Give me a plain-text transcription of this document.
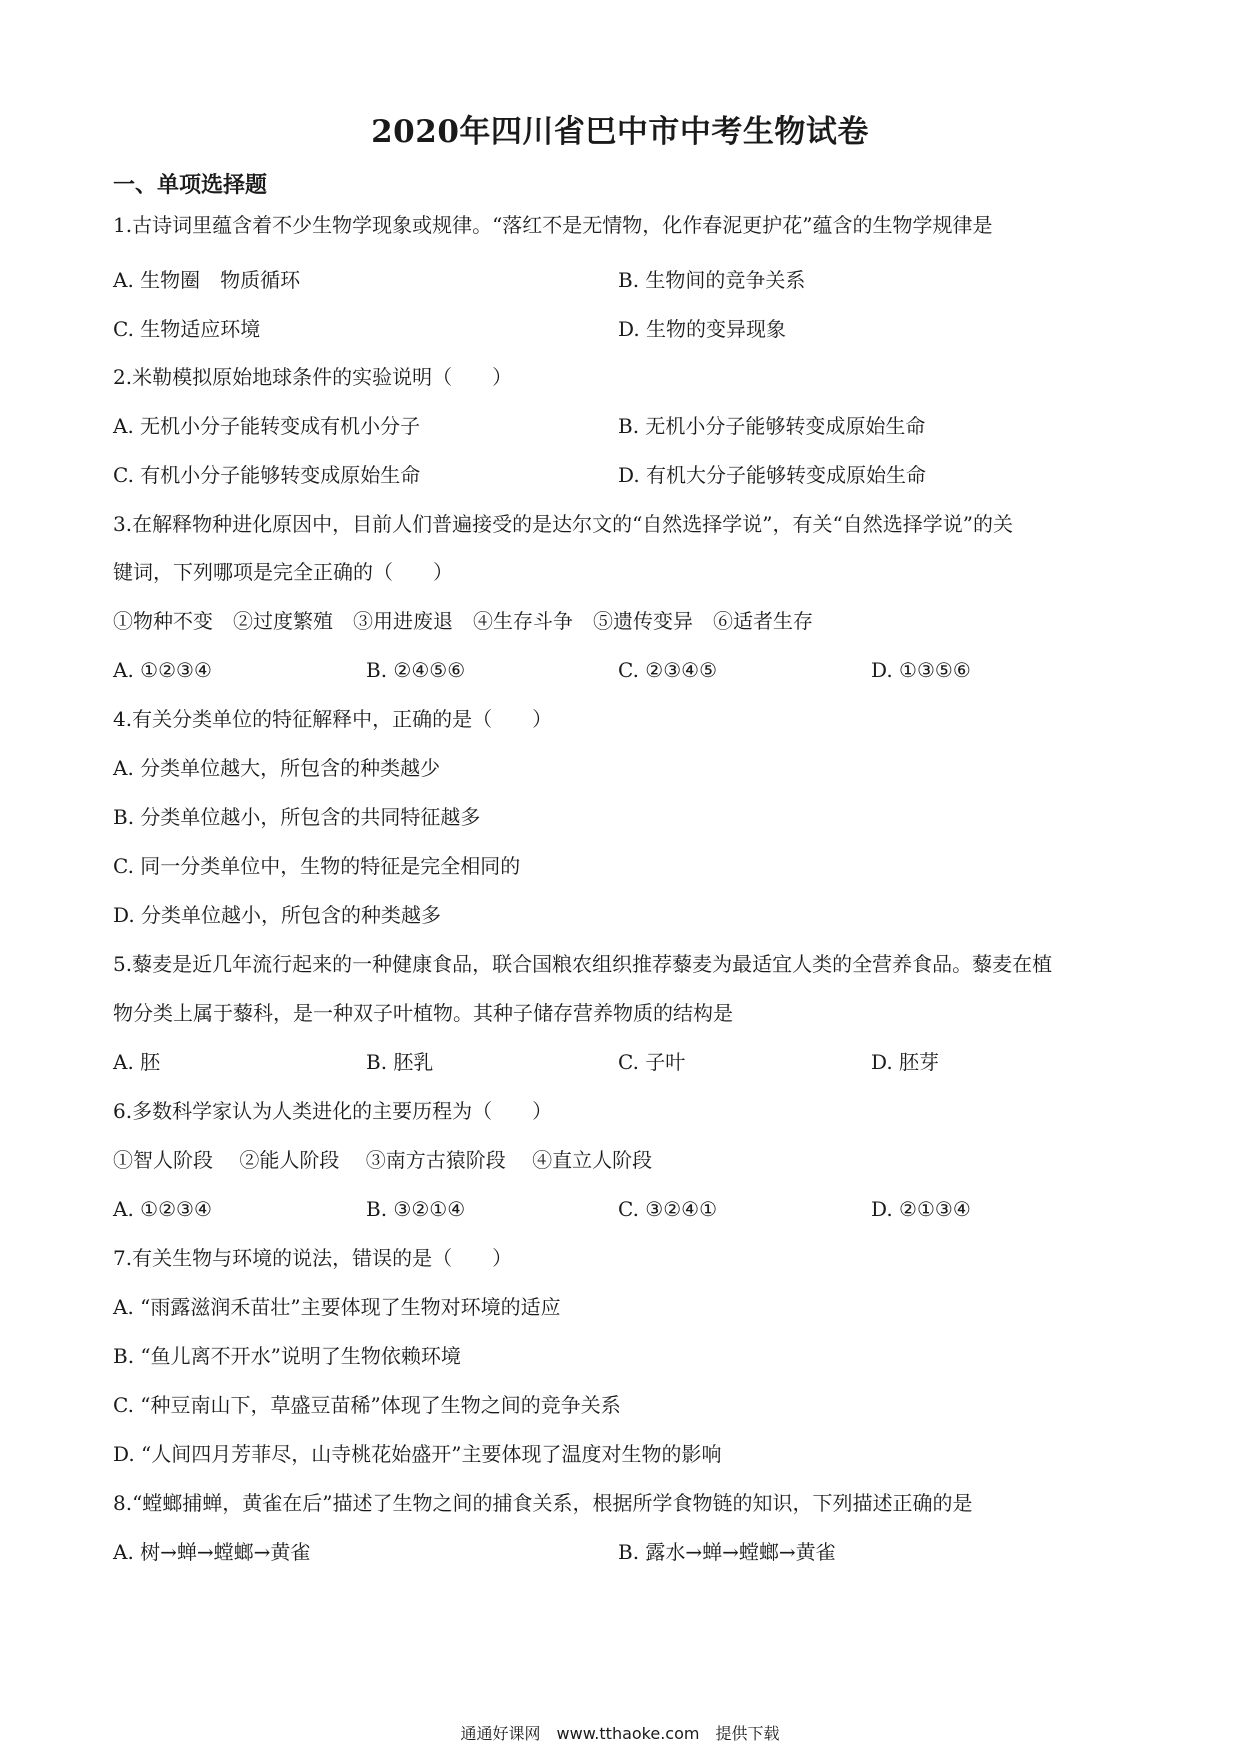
2020年四川省巴中市中考生物试卷
一、单项选择题
1.古诗词里蕴含着不少生物学现象或规律。“落红不是无情物，化作春泥更护花”蕴含的生物学规律是
A. 生物圈　物质循环	B. 生物间的竞争关系
C. 生物适应环境	D. 生物的变异现象
2.米勒模拟原始地球条件的实验说明（　　）
A. 无机小分子能转变成有机小分子	B. 无机小分子能够转变成原始生命
C. 有机小分子能够转变成原始生命	D. 有机大分子能够转变成原始生命
3.在解释物种进化原因中，目前人们普遍接受的是达尔文的“自然选择学说”，有关“自然选择学说”的关
键词，下列哪项是完全正确的（　　）
①物种不变　②过度繁殖　③用进废退　④生存斗争　⑤遗传变异　⑥适者生存
A. ①②③④	B. ②④⑤⑥	C. ②③④⑤	D. ①③⑤⑥
4.有关分类单位的特征解释中，正确的是（　　）
A. 分类单位越大，所包含的种类越少
B. 分类单位越小，所包含的共同特征越多
C. 同一分类单位中，生物的特征是完全相同的
D. 分类单位越小，所包含的种类越多
5.藜麦是近几年流行起来的一种健康食品，联合国粮农组织推荐藜麦为最适宜人类的全营养食品。藜麦在植
物分类上属于藜科，是一种双子叶植物。其种子储存营养物质的结构是
A. 胚	B. 胚乳	C. 子叶	D. 胚芽
6.多数科学家认为人类进化的主要历程为（　　）
①智人阶段　 ②能人阶段　 ③南方古猿阶段　 ④直立人阶段
A. ①②③④	B. ③②①④	C. ③②④①	D. ②①③④
7.有关生物与环境的说法，错误的是（　　）
A. “雨露滋润禾苗壮”主要体现了生物对环境的适应
B. “鱼儿离不开水”说明了生物依赖环境
C. “种豆南山下，草盛豆苗稀”体现了生物之间的竞争关系
D. “人间四月芳菲尽，山寺桃花始盛开”主要体现了温度对生物的影响
8.“螳螂捕蝉，黄雀在后”描述了生物之间的捕食关系，根据所学食物链的知识，下列描述正确的是
A. 树→蝉→螳螂→黄雀	B. 露水→蝉→螳螂→黄雀
通通好课网　www.tthaoke.com　提供下载
